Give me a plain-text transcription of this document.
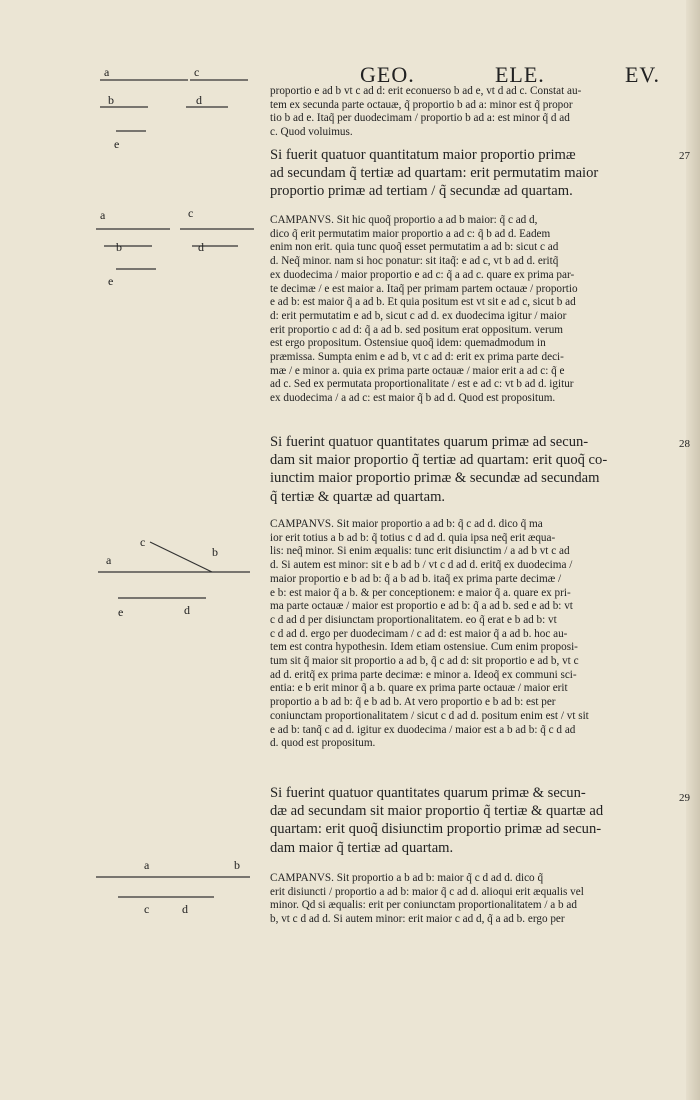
GEO.	ELE.	EV.
a	c
b	d
e
a	c
b	d
e
c
a
b
e	d
a	b
c	d

proportio e ad b vt c ad d: erit econuerso b ad e, vt d ad c. Constat au-
tem ex secunda parte octauæ, q̃ proportio b ad a: minor est q̃ propor
tio b ad e. Itaq̃ per duodecimam / proportio b ad a: est minor q̃ d ad
c. Quod voluimus.

Si fuerit quatuor quantitatum maior proportio primæ
ad secundam q̃ tertiæ ad quartam: erit permutatim maior
proportio primæ ad tertiam / q̃ secundæ ad quartam.

27

CAMPANVS. Sit hic quoq̃ proportio a ad b maior: q̃ c ad d,
dico q̃ erit permutatim maior proportio a ad c: q̃ b ad d. Eadem
enim non erit. quia tunc quoq̃ esset permutatim a ad b: sicut c ad
d. Neq̃ minor. nam si hoc ponatur: sit itaq̃: e ad c, vt b ad d. eritq̃
ex duodecima / maior proportio e ad c: q̃ a ad c. quare ex prima par-
te decimæ / e est maior a. Itaq̃ per primam partem octauæ / proportio
e ad b: est maior q̃ a ad b. Et quia positum est vt sit e ad c, sicut b ad
d: erit permutatim e ad b, sicut c ad d. ex duodecima igitur / maior
erit proportio c ad d: q̃ a ad b. sed positum erat oppositum. verum
est ergo propositum. Ostensiue quoq̃ idem: quemadmodum in
præmissa. Sumpta enim e ad b, vt c ad d: erit ex prima parte deci-
mæ / e minor a. quia ex prima parte octauæ / maior erit a ad c: q̃ e
ad c. Sed ex permutata proportionalitate / est e ad c: vt b ad d. igitur
ex duodecima / a ad c: est maior q̃ b ad d. Quod est propositum.

Si fuerint quatuor quantitates quarum primæ ad secun-
dam sit maior proportio q̃ tertiæ ad quartam: erit quoq̃ co-
iunctim maior proportio primæ & secundæ ad secundam
q̃ tertiæ & quartæ ad quartam.

28

CAMPANVS. Sit maior proportio a ad b: q̃ c ad d. dico q̃ ma
ior erit totius a b ad b: q̃ totius c d ad d. quia ipsa neq̃ erit æqua-
lis: neq̃ minor. Si enim æqualis: tunc erit disiunctim / a ad b vt c ad
d. Si autem est minor: sit e b ad b / vt c d ad d. eritq̃ ex duodecima /
maior proportio e b ad b: q̃ a b ad b. itaq̃ ex prima parte decimæ /
e b: est maior q̃ a b. & per conceptionem: e maior q̃ a. quare ex pri-
ma parte octauæ / maior est proportio e ad b: q̃ a ad b. sed e ad b: vt
c d ad d per disiunctam proportionalitatem. eo q̃ erat e b ad b: vt
c d ad d. ergo per duodecimam / c ad d: est maior q̃ a ad b. hoc au-
tem est contra hypothesin. Idem etiam ostensiue. Cum enim proposi-
tum sit q̃ maior sit proportio a ad b, q̃ c ad d: sit proportio e ad b, vt c
ad d. eritq̃ ex prima parte decimæ: e minor a. Ideoq̃ ex communi sci-
entia: e b erit minor q̃ a b. quare ex prima parte octauæ / maior erit
proportio a b ad b: q̃ e b ad b. At vero proportio e b ad b: est per
coniunctam proportionalitatem / sicut c d ad d. positum enim est / vt sit
e ad b: tanq̃ c ad d. igitur ex duodecima / maior est a b ad b: q̃ c d ad
d. quod est propositum.

Si fuerint quatuor quantitates quarum primæ & secun-
dæ ad secundam sit maior proportio q̃ tertiæ & quartæ ad
quartam: erit quoq̃ disiunctim proportio primæ ad secun-
dam maior q̃ tertiæ ad quartam.

29

CAMPANVS. Sit proportio a b ad b: maior q̃ c d ad d. dico q̃
erit disiuncti / proportio a ad b: maior q̃ c ad d. alioqui erit æqualis vel
minor. Qd si æqualis: erit per coniunctam proportionalitatem / a b ad
b, vt c d ad d. Si autem minor: erit maior c ad d, q̃ a ad b. ergo per
